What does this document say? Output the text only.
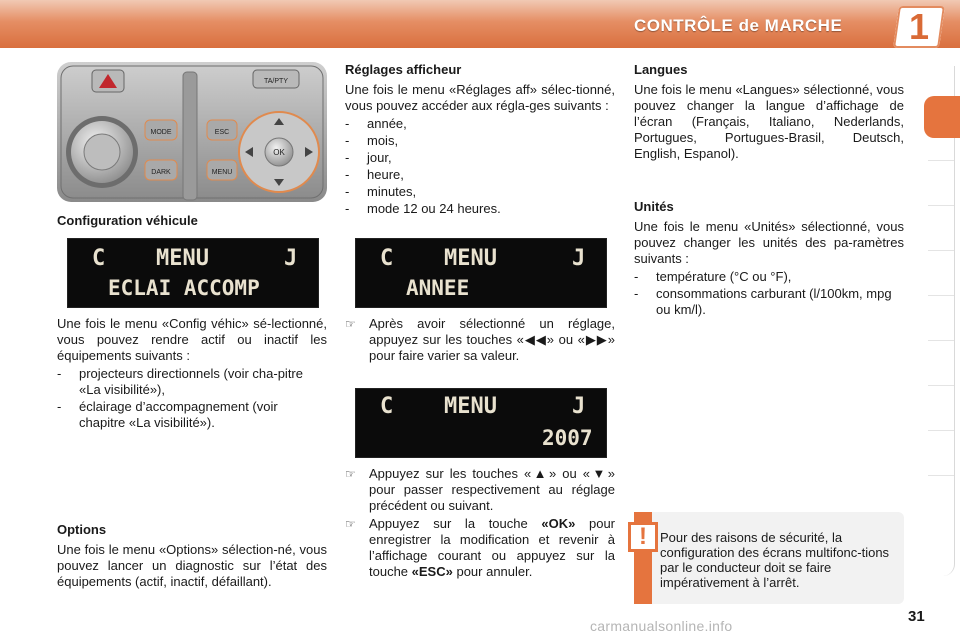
CONTRÔLE de MARCHE	1
MODE
DARK
TA/PTY
ESC
MENU
OK
Configuration véhicule
C MENU	J
ECLAI ACCOMP

Une fois le menu «Config véhic» sé-lectionné, vous pouvez rendre actif ou inactif les équipements suivants :

- projecteurs directionnels (voir cha-pitre «La visibilité»),
- éclairage d’accompagnement (voir chapitre «La visibilité»).

Options

Une fois le menu «Options» sélection-né, vous pouvez lancer un diagnostic sur l’état des équipements (actif, inactif, défaillant).

Réglages afficheur

Une fois le menu «Réglages aff» sélec-tionné, vous pouvez accéder aux régla-ges suivants :

- année,
- mois,
- jour,
- heure,
- minutes,
- mode 12 ou 24 heures.
C MENU	J
ANNEE
☞ Après avoir sélectionné un réglage, appuyez sur les touches «◀◀» ou «▶▶» pour faire varier sa valeur.
C MENU	J
2007
☞ Appuyez sur les touches «▲» ou «▼» pour passer respectivement au réglage précédent ou suivant.
☞ Appuyez sur la touche «OK» pour enregistrer la modification et revenir à l’affichage courant ou appuyez sur la touche «ESC» pour annuler.

Langues

Une fois le menu «Langues» sélectionné, vous pouvez changer la langue d’affichage de l’écran (Français, Italiano, Nederlands, Portugues, Portugues-Brasil, Deutsch, English, Espanol).

Unités

Une fois le menu «Unités» sélectionné, vous pouvez changer les unités des pa-ramètres suivants :

- température (°C ou °F),
- consommations carburant (l/100km, mpg ou km/l).
!	Pour des raisons de sécurité, la configuration des écrans multifonc-tions par le conducteur doit se faire impérativement à l’arrêt.
carmanualsonline.info
31
